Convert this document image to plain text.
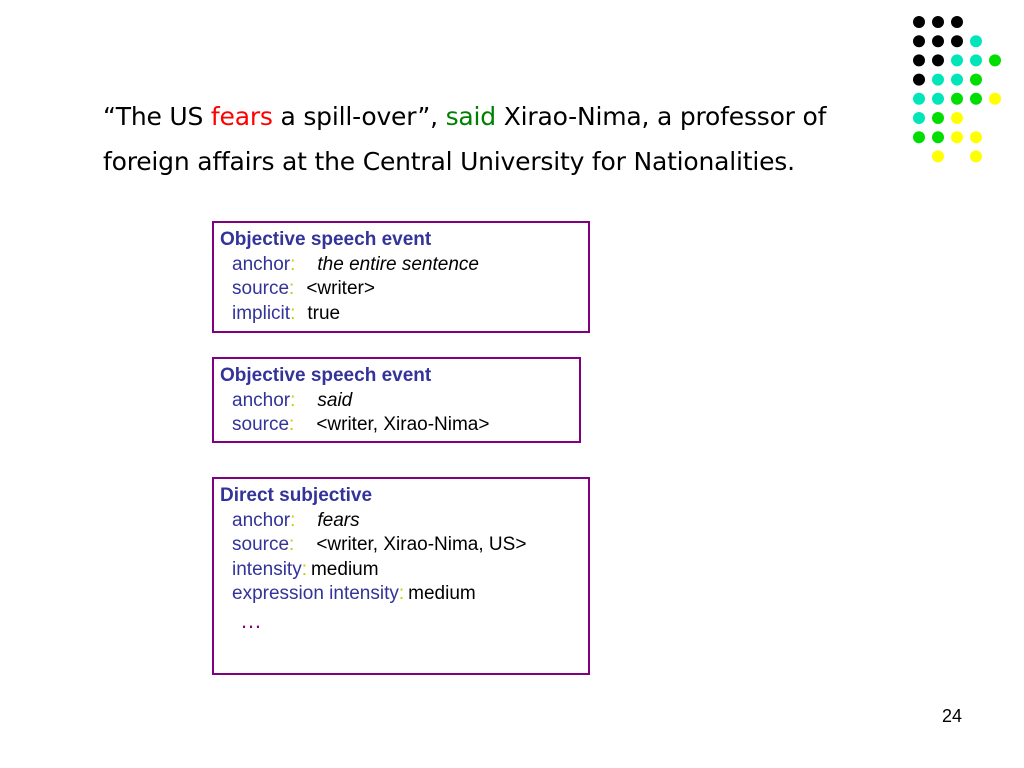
“The US fears a spill-over”, said Xirao-Nima, a professor of foreign affairs at the Central University for Nationalities.
Objective speech event
anchor: the entire sentence
source: <writer>
implicit: true
Objective speech event
anchor: said
source: <writer, Xirao-Nima>
Direct subjective
anchor: fears
source: <writer, Xirao-Nima, US>
intensity: medium
expression intensity: medium
…
24
